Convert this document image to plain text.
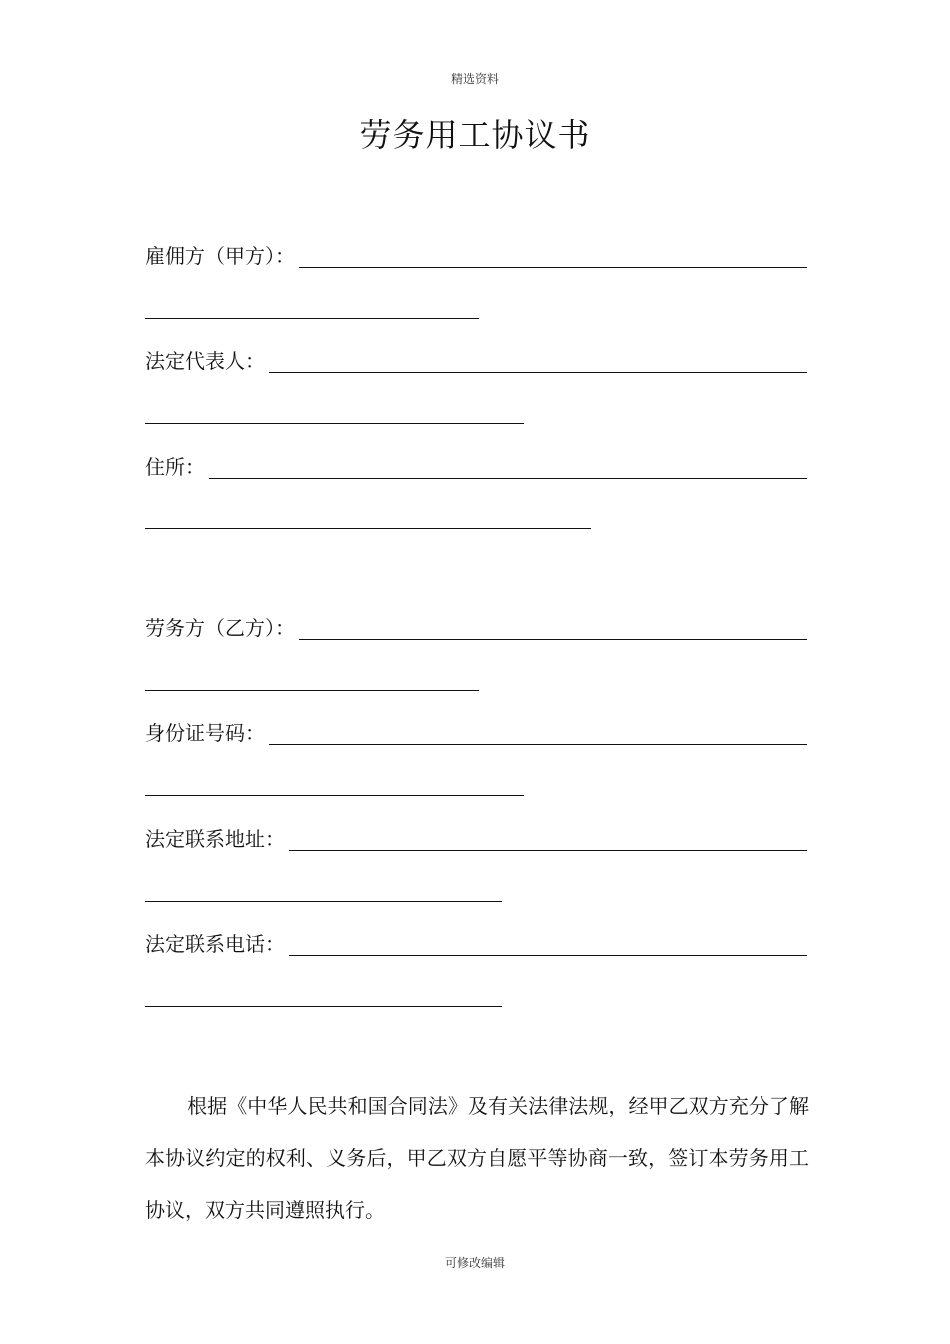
精选资料
劳务用工协议书
雇佣方（甲方）：
法定代表人：
住所：
劳务方（乙方）：
身份证号码：
法定联系地址：
法定联系电话：
根据《中华人民共和国合同法》及有关法律法规，经甲乙双方充分了解本协议约定的权利、义务后，甲乙双方自愿平等协商一致，签订本劳务用工协议，双方共同遵照执行。
可修改编辑
